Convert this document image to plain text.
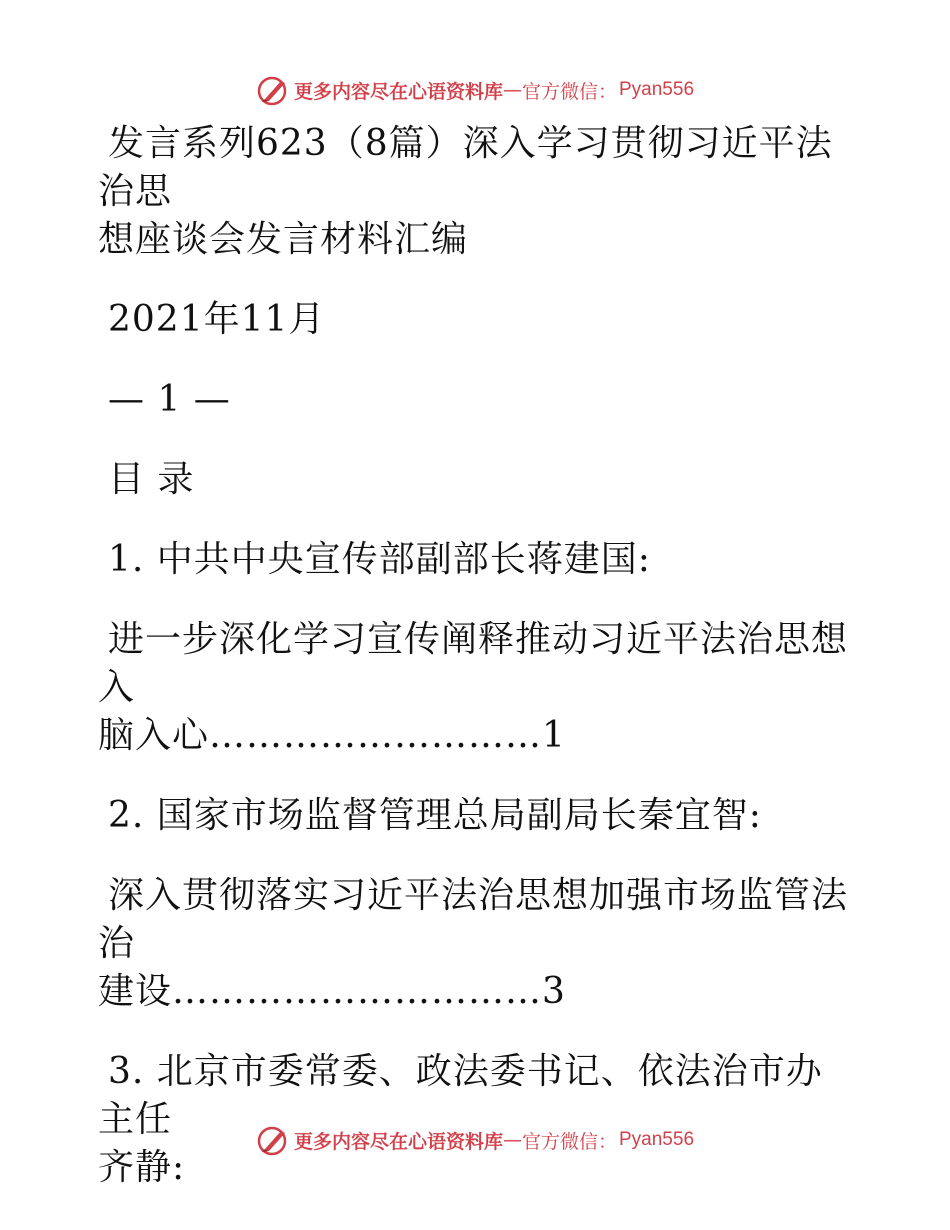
更多内容尽在心语资料库 — 官方微信： Pyan556

发言系列623（8篇）深入学习贯彻习近平法治思

想座谈会发言材料汇编

2021年11月

— 1 —

目 录

1. 中共中央宣传部副部长蒋建国:

进一步深化学习宣传阐释推动习近平法治思想入

脑入心………………………1

2. 国家市场监督管理总局副局长秦宜智:

深入贯彻落实习近平法治思想加强市场监管法治

建设…………………………3

3. 北京市委常委、政法委书记、依法治市办主任

齐静:

更多内容尽在心语资料库 — 官方微信： Pyan556
